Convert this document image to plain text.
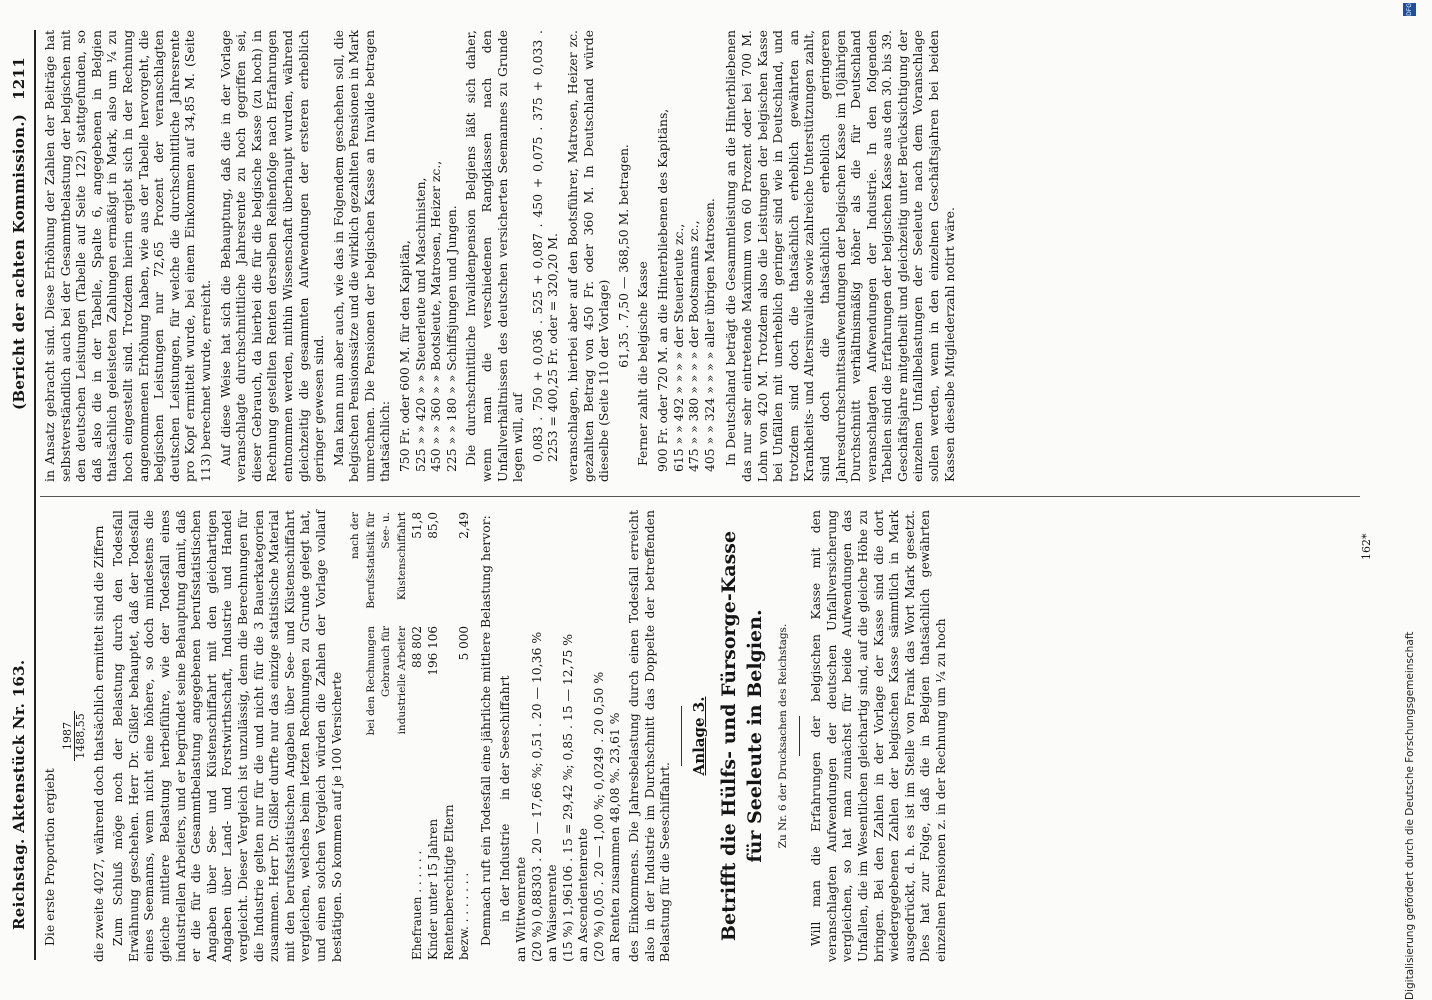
Reichstag. Aktenstück Nr. 163.
(Bericht der achten Kommission.)
1211

Die erste Proportion ergiebt

1987 1488,55 die zweite 4027, während doch thatsächlich ermittelt sind die Ziffern Zum Schluß möge noch der Belastung durch den Todesfall Erwähnung geschehen. Herr Dr. Gißler behauptet, daß der Todesfall eines Seemanns, wenn nicht eine höhere, so doch mindestens die gleiche mittlere Belastung herbeiführe, wie der Todesfall eines industriellen Arbeiters, und er begründet seine Behauptung damit, daß er die für die Gesammtbelastung angegebenen berufsstatistischen Angaben über See- und Küstenschiffahrt mit den gleichartigen Angaben über Land- und Forstwirthschaft, Industrie und Handel vergleicht. Dieser Vergleich ist unzulässig, denn die Berechnungen für die Industrie gelten nur für die und nicht für die 3 Bauerkategorien zusammen. Herr Dr. Gißler durfte nur das einzige statistische Material mit den berufsstatistischen Angaben über See- und Küstenschiffahrt vergleichen, welches beim letzten Rechnungen zu Grunde gelegt hat, und einen solchen Vergleich würden die Zahlen der Vorlage vollauf bestätigen. So kommen auf je 100 Versicherte

	bei den Rechnungen Gebrauch für industrielle Arbeiter	nach der Berufsstatistik für See- u. Küstenschiffahrt
Ehefrauen . . . . . .	88 802	51,8
Kinder unter 15 Jahren	196 106	85,0
Rentenberechtigte Eltern		
bezw. . . . . . . .	5 000	2,49 Demnach ruft ein Todesfall eine jährliche mittlere Belastung hervor: in der Industrie      in der Seeschiffahrt an Wittwenrente (20 %) 0,88303 . 20 — 17,66 %; 0,51 . 20 — 10,36 % an Waisenrente (15 %) 1,96106 . 15 = 29,42 %; 0,85 . 15 — 12,75 % an Ascendentenrente (20 %) 0,05 . 20 — 1,00 %; 0,0249 . 20 0,50 % an Renten zusammen 48,08 %. 23,61 % des Einkommens. Die Jahresbelastung durch einen Todesfall erreicht also in der Industrie im Durchschnitt das Doppelte der betreffenden Belastung für die Seeschiffahrt.

Anlage 3. Betrifft die Hülfs- und Fürsorge-Kasse für Seeleute in Belgien. Zu Nr. 6 der Drucksachen des Reichstags. Will man die Erfahrungen der belgischen Kasse mit den veranschlagten Aufwendungen der deutschen Unfallversicherung vergleichen, so hat man zunächst für beide Aufwendungen das Unfallen, die im Wesentlichen gleichartig sind, auf die gleiche Höhe zu bringen. Bei den Zahlen in der Vorlage der Kasse sind die dort wiedergegebenen Zahlen der belgischen Kasse sämmtlich in Mark ausgedrückt, d. h. es ist im Stelle von Frank das Wort Mark gesetzt. Dies hat zur Folge, daß die in Belgien thatsächlich gewährten einzelnen Pensionen z. in der Rechnung um ¼ zu hoch

in Ansatz gebracht sind. Diese Erhöhung der Zahlen der Beiträge hat selbstverständlich auch bei der Gesammtbelastung der belgischen mit den deutschen Leistungen (Tabelle auf Seite 122) stattgefunden, so daß also die in der Tabelle, Spalte 6, angegebenen in Belgien thatsächlich geleisteten Zahlungen ermäßigt in Mark, also um ¼ zu hoch eingestellt sind. Trotzdem hierin ergiebt sich in der Rechnung angenommenen Erhöhung haben, wie aus der Tabelle hervorgeht, die belgischen Leistungen nur 72,65 Prozent der veranschlagten deutschen Leistungen, für welche die durchschnittliche Jahresrente pro Kopf ermittelt wurde, bei einem Einkommen auf 34,85 M. (Seite 113) berechnet wurde, erreicht. Auf diese Weise hat sich die Behauptung, daß die in der Vorlage veranschlagte durchschnittliche Jahresrente zu hoch gegriffen sei, dieser Gebrauch, da hierbei die für die belgische Kasse (zu hoch) in Rechnung gestellten Renten derselben Reihenfolge nach Erfahrungen entnommen werden, mithin Wissenschaft überhaupt wurden, während gleichzeitig die gesammten Aufwendungen der ersteren erheblich geringer gewesen sind. Man kann nun aber auch, wie das in Folgendem geschehen soll, die belgischen Pensionssätze und die wirklich gezahlten Pensionen in Mark umrechnen. Die Pensionen der belgischen Kasse an Invalide betragen thatsächlich: 750 Fr. oder 600 M. für den Kapitän, 525 » » 420 » » Steuerleute und Maschinisten, 450 » » 360 » » Bootsleute, Matrosen, Heizer zc., 225 » » 180 » » Schiffsjungen und Jungen. Die durchschnittliche Invalidenpension Belgiens läßt sich daher, wenn man die verschiedenen Rangklassen nach den Unfallverhältnissen des deutschen versicherten Seemannes zu Grunde legen will, auf 0,083 . 750 + 0,036 . 525 + 0,087 . 450 + 0,075 . 375 + 0,033 . 2253 = 400,25 Fr. oder = 320,20 M. veranschlagen, hierbei aber auf den Bootsführer, Matrosen, Heizer zc. gezahlten Betrag von 450 Fr. oder 360 M. In Deutschland würde dieselbe (Seite 110 der Vorlage)

61,35 . 7,50 — 368,50 M. betragen. Ferner zahlt die belgische Kasse 900 Fr. oder 720 M. an die Hinterbliebenen des Kapitäns, 615 » » 492 » » » » der Steuerleute zc., 475 » » 380 » » » » der Bootsmanns zc., 405 » » 324 » » » » aller übrigen Matrosen. In Deutschland beträgt die Gesammtleistung an die Hinterbliebenen das nur sehr eintretende Maximum von 60 Prozent oder bei 700 M. Lohn von 420 M. Trotzdem also die Leistungen der belgischen Kasse bei Unfällen mit unerheblich geringer sind wie in Deutschland, und trotzdem sind doch die thatsächlich erheblich gewährten an Krankheits- und Altersinvalide sowie zahlreiche Unterstützungen zahlt, sind doch die thatsächlich erheblich geringeren Jahresdurchschnittsaufwendungen der belgischen Kasse im 10jährigen Durchschnitt verhältnismäßig höher als die für Deutschland veranschlagten Aufwendungen der Industrie. In den folgenden Tabellen sind die Erfahrungen der belgischen Kasse aus den 30. bis 39. Geschäftsjahre mitgetheilt und gleichzeitig unter Berücksichtigung der einzelnen Unfallbelastungen der Seeleute nach dem Voranschlage sollen werden, wenn in den einzelnen Geschäftsjahren bei beiden Kassen dieselbe Mitgliederzahl notirt wäre.

162*
Digitalisierung gefördert durch die Deutsche Forschungsgemeinschaft
DFG
